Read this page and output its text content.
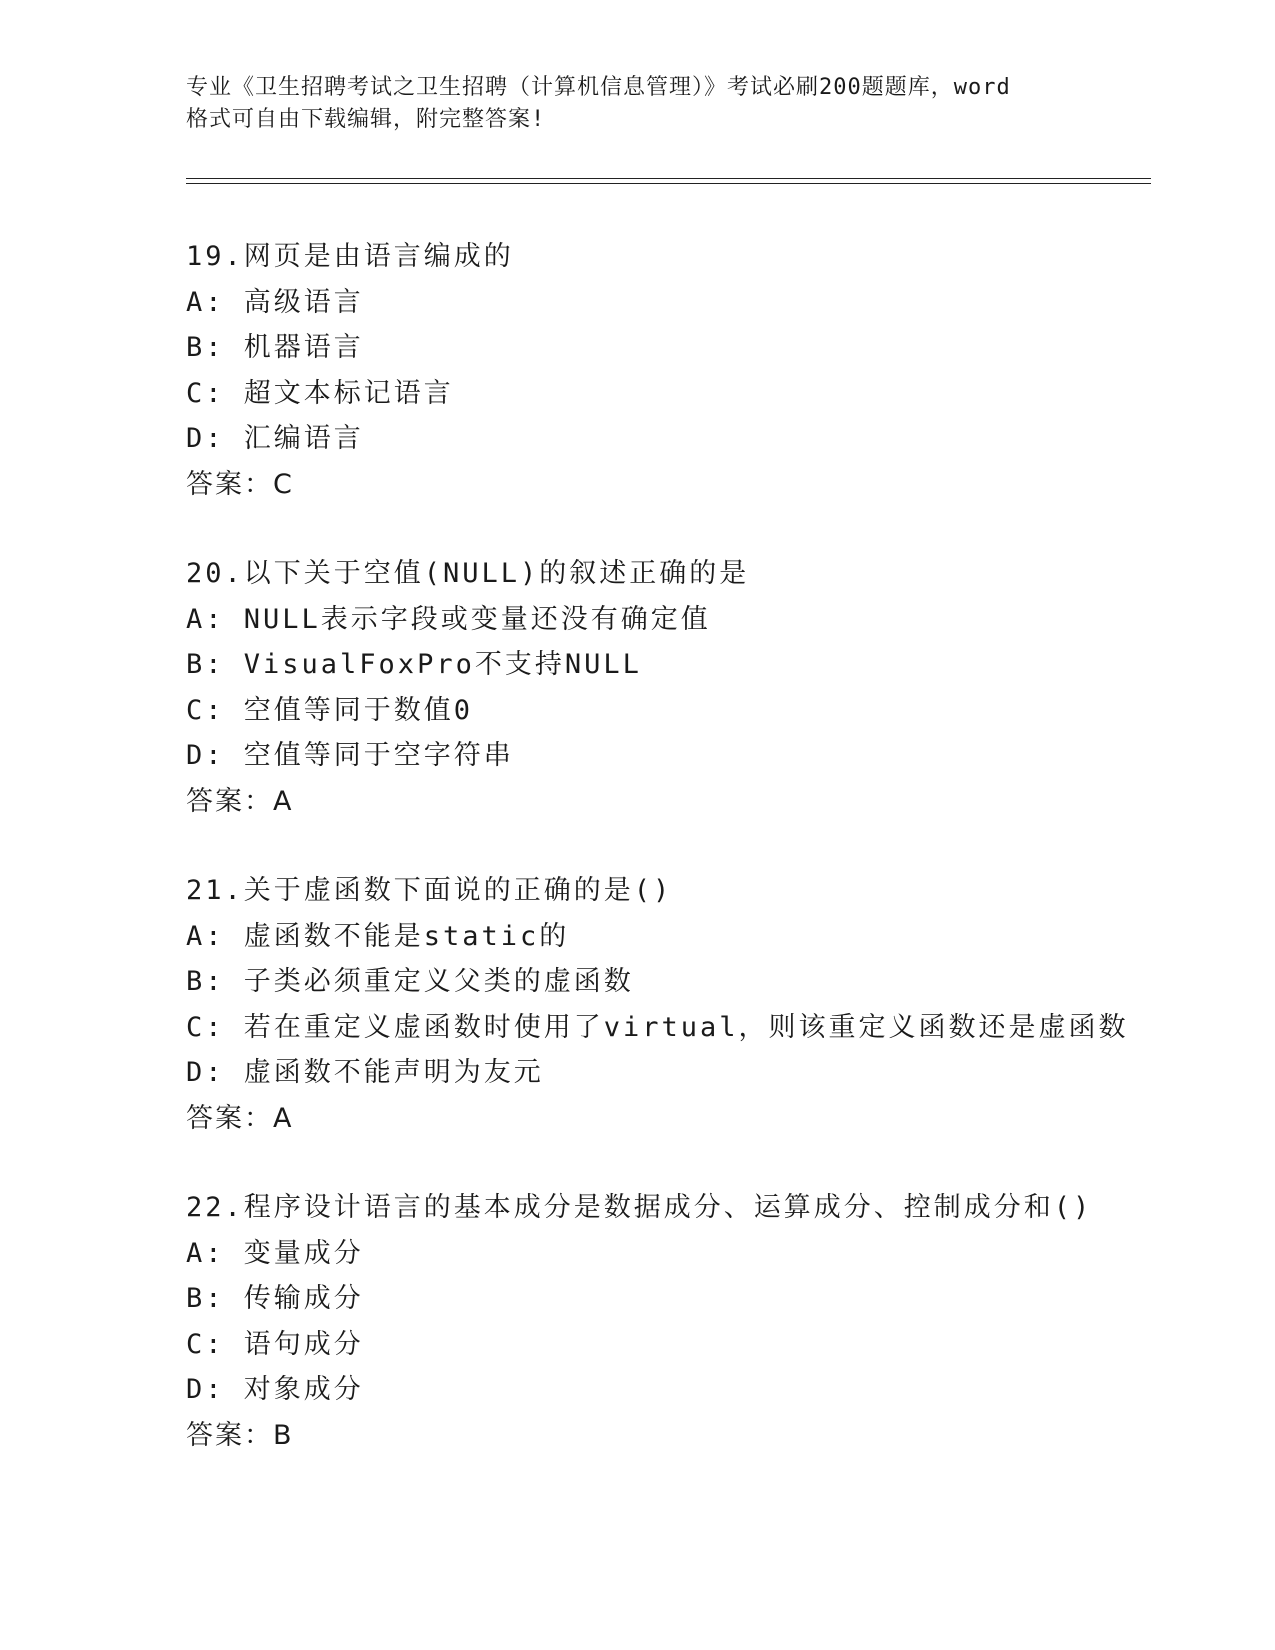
专业《卫生招聘考试之卫生招聘（计算机信息管理）》考试必刷200题题库，word
格式可自由下载编辑，附完整答案!
19.网页是由语言编成的
A: 高级语言
B: 机器语言
C: 超文本标记语言
D: 汇编语言
答案：C
20.以下关于空值(NULL)的叙述正确的是
A: NULL表示字段或变量还没有确定值
B: VisualFoxPro不支持NULL
C: 空值等同于数值0
D: 空值等同于空字符串
答案：A
21.关于虚函数下面说的正确的是()
A: 虚函数不能是static的
B: 子类必须重定义父类的虚函数
C: 若在重定义虚函数时使用了virtual，则该重定义函数还是虚函数
D: 虚函数不能声明为友元
答案：A
22.程序设计语言的基本成分是数据成分、运算成分、控制成分和()
A: 变量成分
B: 传输成分
C: 语句成分
D: 对象成分
答案：B
